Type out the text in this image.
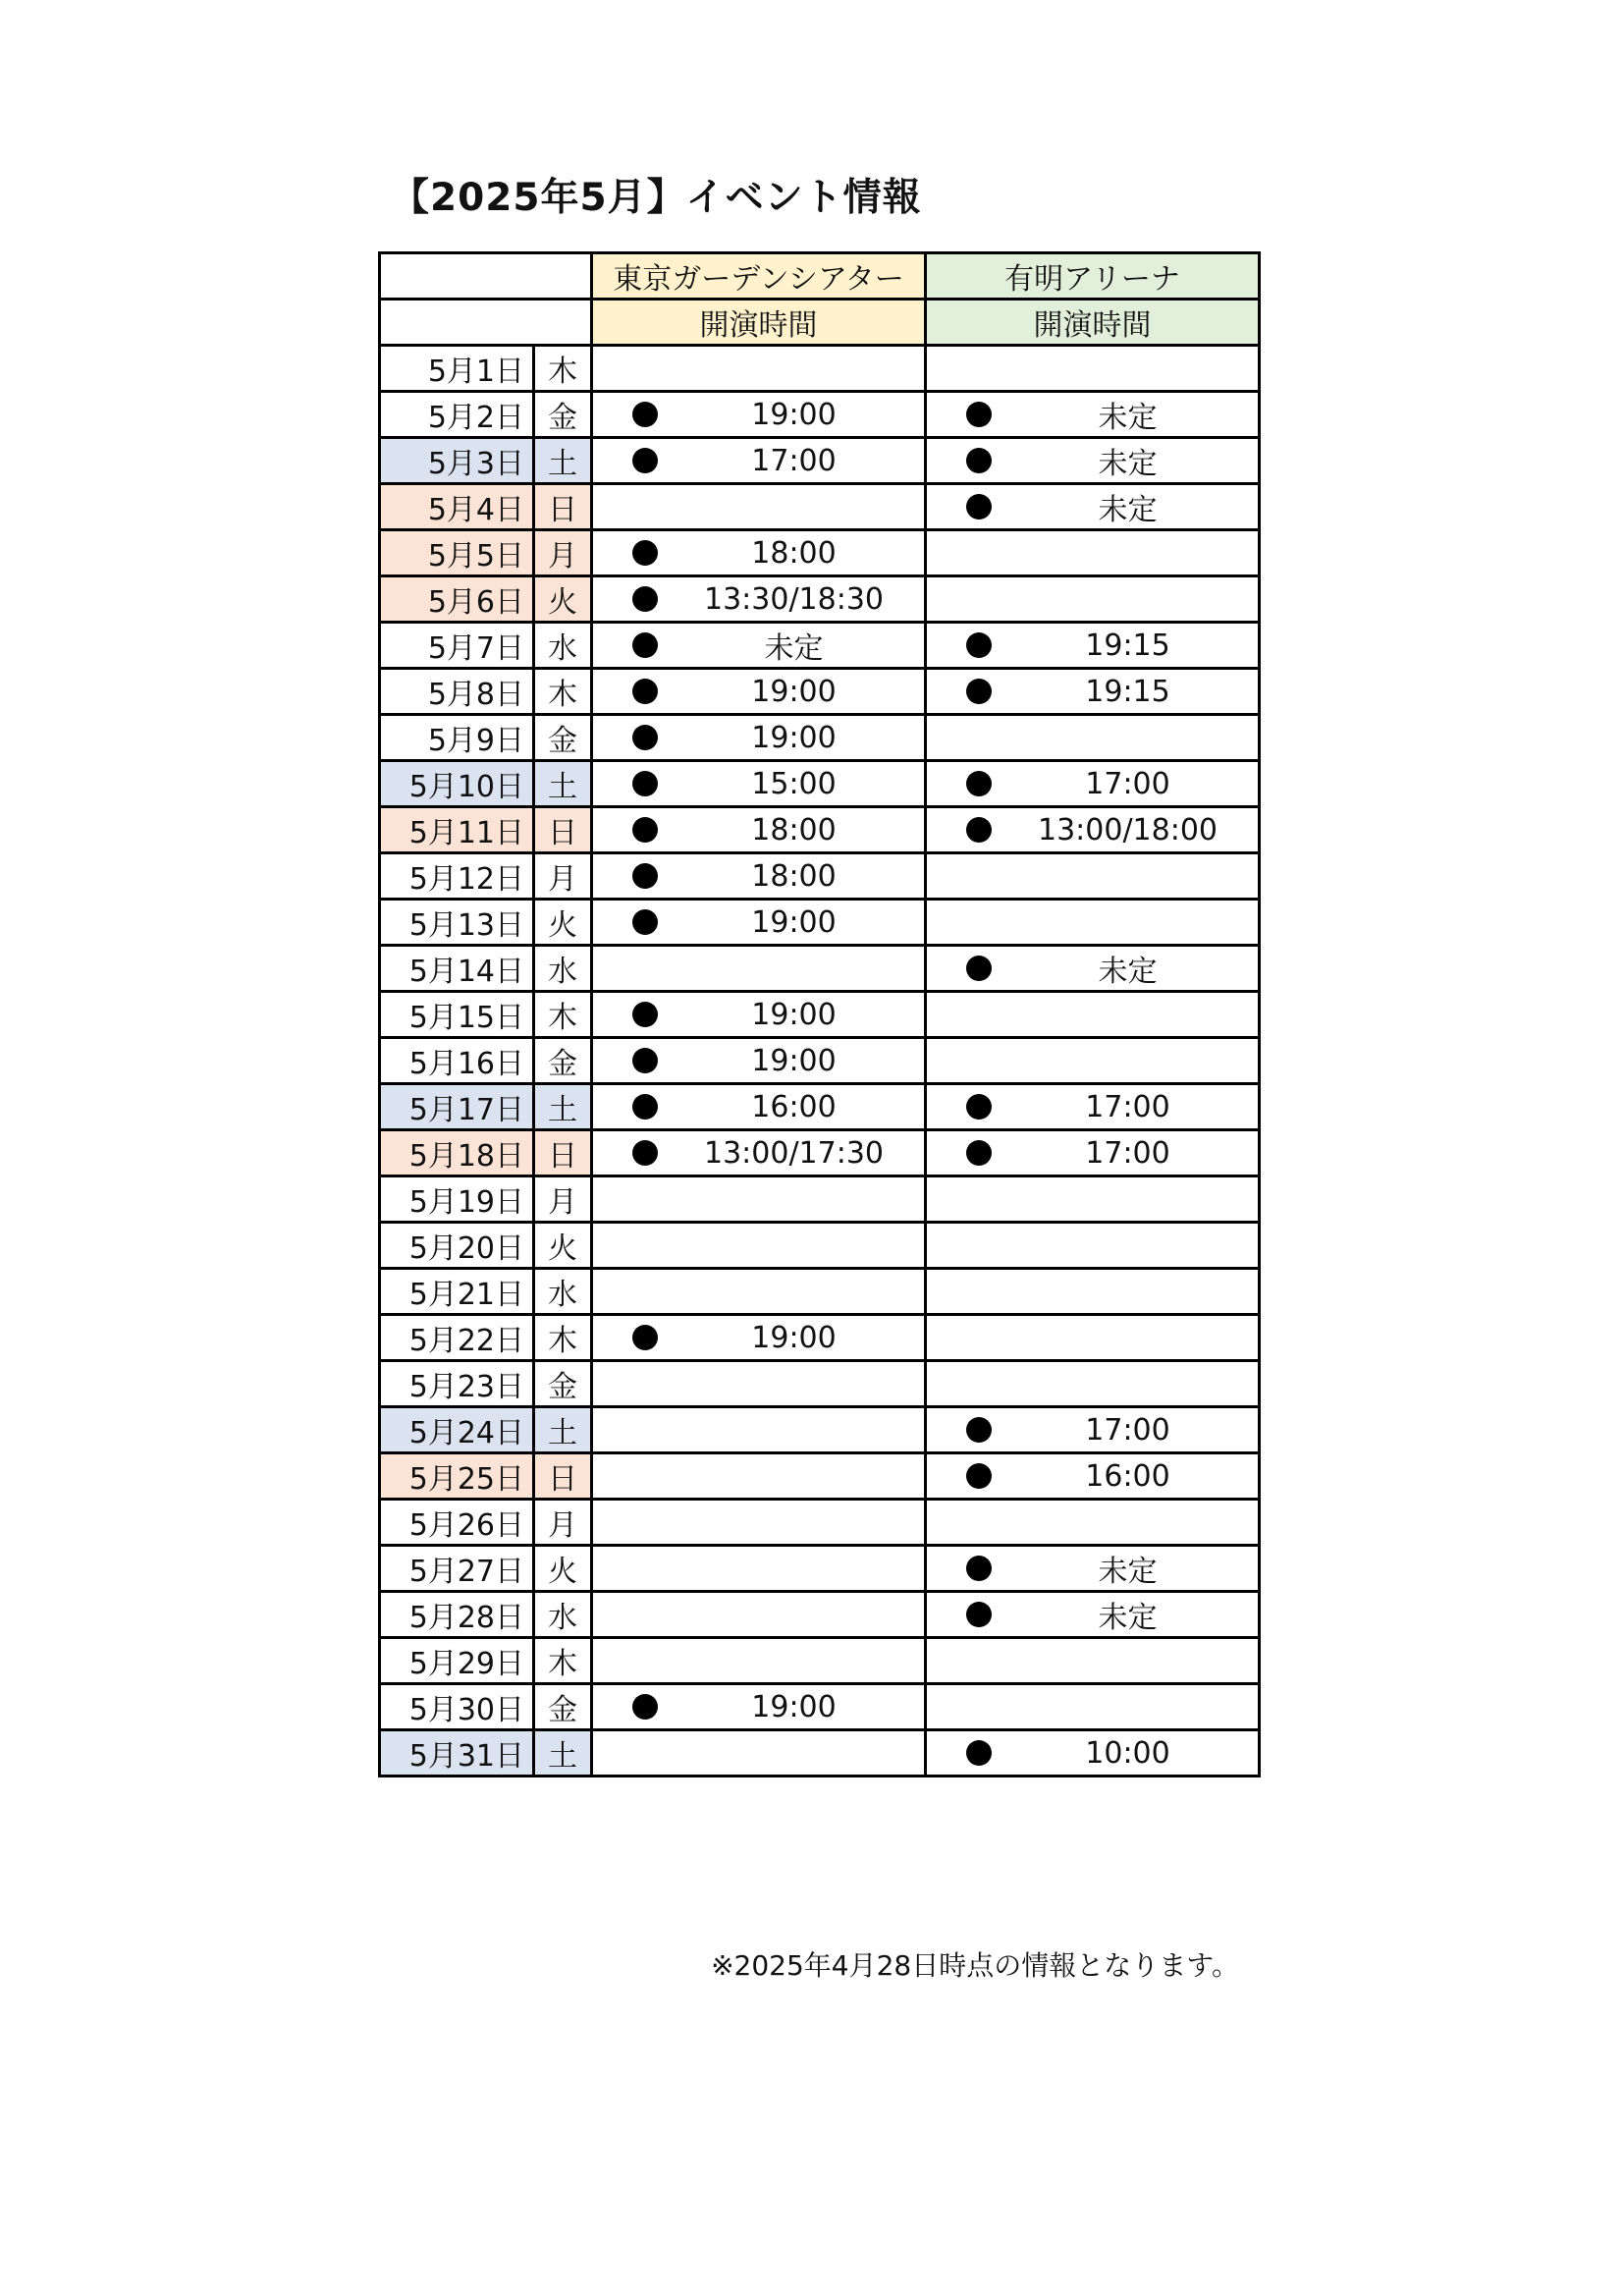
【2025年5月】イベント情報
		東京ガーデンシアター	有明アリーナ
		開演時間	開演時間
5月1日	木		
5月2日	金	19:00	未定

5月3日	土	17:00	未定

5月4日	日		未定

5月5日	月	18:00	

5月6日	火	13:30/18:30	

5月7日	水	未定	19:15

5月8日	木	19:00	19:15

5月9日	金	19:00	

5月10日	土	15:00	17:00

5月11日	日	18:00	13:00/18:00

5月12日	月	18:00	

5月13日	火	19:00	

5月14日	水		未定

5月15日	木	19:00	

5月16日	金	19:00	

5月17日	土	16:00	17:00

5月18日	日	13:00/17:30	17:00

5月19日	月		
5月20日	火		
5月21日	水		
5月22日	木	19:00	

5月23日	金		
5月24日	土		17:00

5月25日	日		16:00

5月26日	月		
5月27日	火		未定

5月28日	水		未定

5月29日	木		
5月30日	金	19:00	

5月31日	土		10:00
※2025年4月28日時点の情報となります。
